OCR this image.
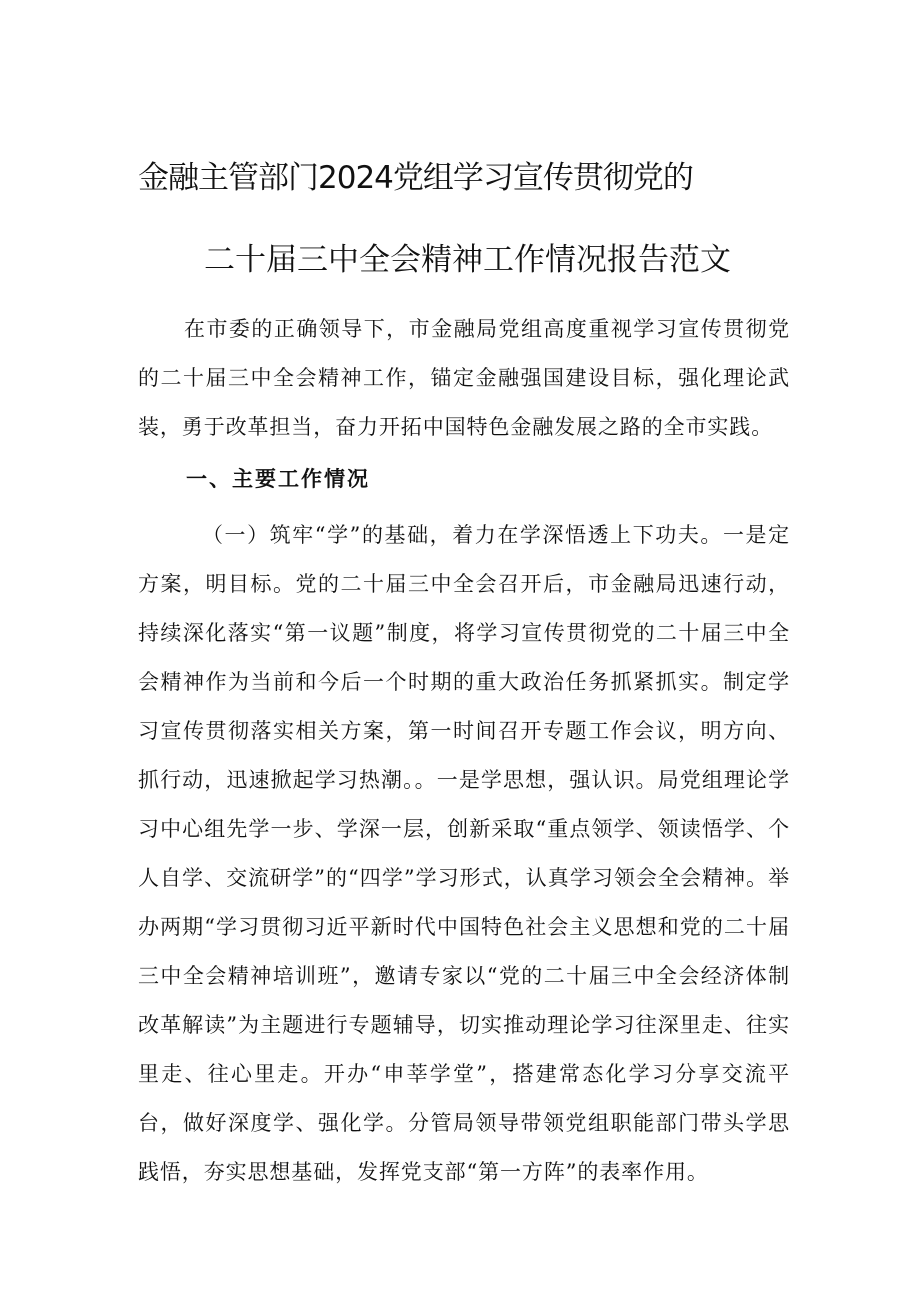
金融主管部门2024党组学习宣传贯彻党的
二十届三中全会精神工作情况报告范文

在市委的正确领导下，市金融局党组高度重视学习宣传贯彻党的二十届三中全会精神工作，锚定金融强国建设目标，强化理论武装，勇于改革担当，奋力开拓中国特色金融发展之路的全市实践。

一、主要工作情况

（一）筑牢“学”的基础，着力在学深悟透上下功夫。一是定方案，明目标。党的二十届三中全会召开后，市金融局迅速行动，持续深化落实“第一议题”制度，将学习宣传贯彻党的二十届三中全会精神作为当前和今后一个时期的重大政治任务抓紧抓实。制定学习宣传贯彻落实相关方案，第一时间召开专题工作会议，明方向、抓行动，迅速掀起学习热潮。。一是学思想，强认识。局党组理论学习中心组先学一步、学深一层，创新采取“重点领学、领读悟学、个人自学、交流研学”的“四学”学习形式，认真学习领会全会精神。举办两期“学习贯彻习近平新时代中国特色社会主义思想和党的二十届三中全会精神培训班”，邀请专家以“党的二十届三中全会经济体制改革解读”为主题进行专题辅导，切实推动理论学习往深里走、往实里走、往心里走。开办“申莘学堂”，搭建常态化学习分享交流平台，做好深度学、强化学。分管局领导带领党组职能部门带头学思践悟，夯实思想基础，发挥党支部“第一方阵”的表率作用。
